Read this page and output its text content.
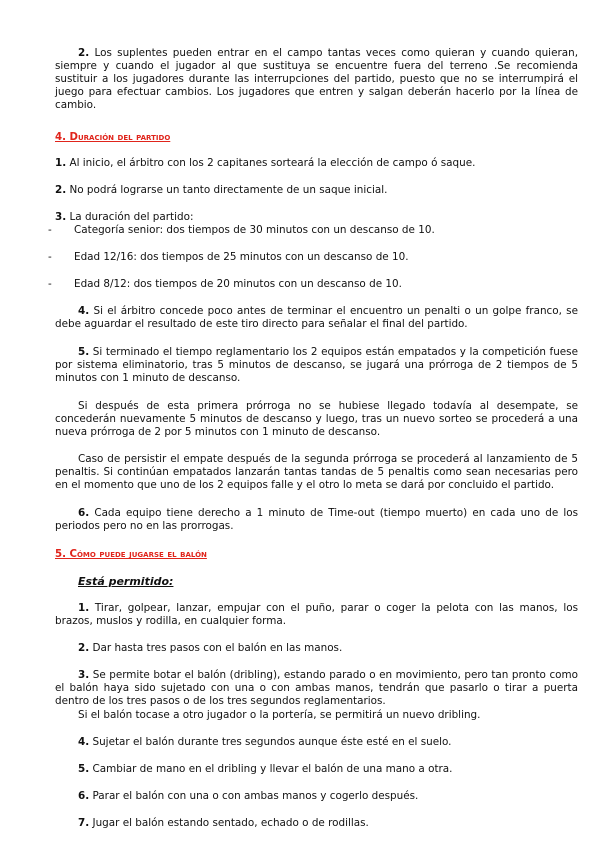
2. Los suplentes pueden entrar en el campo tantas veces como quieran y cuando quieran, siempre y cuando el jugador al que sustituya se encuentre fuera del terreno .Se recomienda sustituir a los jugadores durante las interrupciones del partido, puesto que no se interrumpirá el juego para efectuar cambios. Los jugadores que entren y salgan deberán hacerlo por la línea de cambio.

4. Duración del partido

1. Al inicio, el árbitro con los 2 capitanes sorteará la elección de campo ó saque.

2. No podrá lograrse un tanto directamente de un saque inicial.

3. La duración del partido:

- Categoría senior: dos tiempos de 30 minutos con un descanso de 10.
- Edad 12/16: dos tiempos de 25 minutos con un descanso de 10.
- Edad 8/12: dos tiempos de 20 minutos con un descanso de 10.

4. Si el árbitro concede poco antes de terminar el encuentro un penalti o un golpe franco, se debe aguardar el resultado de este tiro directo para señalar el final del partido.

5. Si terminado el tiempo reglamentario los 2 equipos están empatados y la competición fuese por sistema eliminatorio, tras 5 minutos de descanso, se jugará una prórroga de 2 tiempos de 5 minutos con 1 minuto de descanso.

Si después de esta primera prórroga no se hubiese llegado todavía al desempate, se concederán nuevamente 5 minutos de descanso y luego, tras un nuevo sorteo se procederá a una nueva prórroga de 2 por 5 minutos con 1 minuto de descanso.

Caso de persistir el empate después de la segunda prórroga se procederá al lanzamiento de 5 penaltis. Si continúan empatados lanzarán tantas tandas de 5 penaltis como sean necesarias pero en el momento que uno de los 2 equipos falle y el otro lo meta se dará por concluido el partido.

6. Cada equipo tiene derecho a 1 minuto de Time-out (tiempo muerto) en cada uno de los periodos pero no en las prorrogas.

5. Cómo puede jugarse el balón

Está permitido:

1. Tirar, golpear, lanzar, empujar con el puño, parar o coger la pelota con las manos, los brazos, muslos y rodilla, en cualquier forma.

2. Dar hasta tres pasos con el balón en las manos.

3. Se permite botar el balón (dribling), estando parado o en movimiento, pero tan pronto como el balón haya sido sujetado con una o con ambas manos, tendrán que pasarlo o tirar a puerta dentro de los tres pasos o de los tres segundos reglamentarios.

Si el balón tocase a otro jugador o la portería, se permitirá un nuevo dribling.

4. Sujetar el balón durante tres segundos aunque éste esté en el suelo.

5. Cambiar de mano en el dribling y llevar el balón de una mano a otra.

6. Parar el balón con una o con ambas manos y cogerlo después.

7. Jugar el balón estando sentado, echado o de rodillas.
